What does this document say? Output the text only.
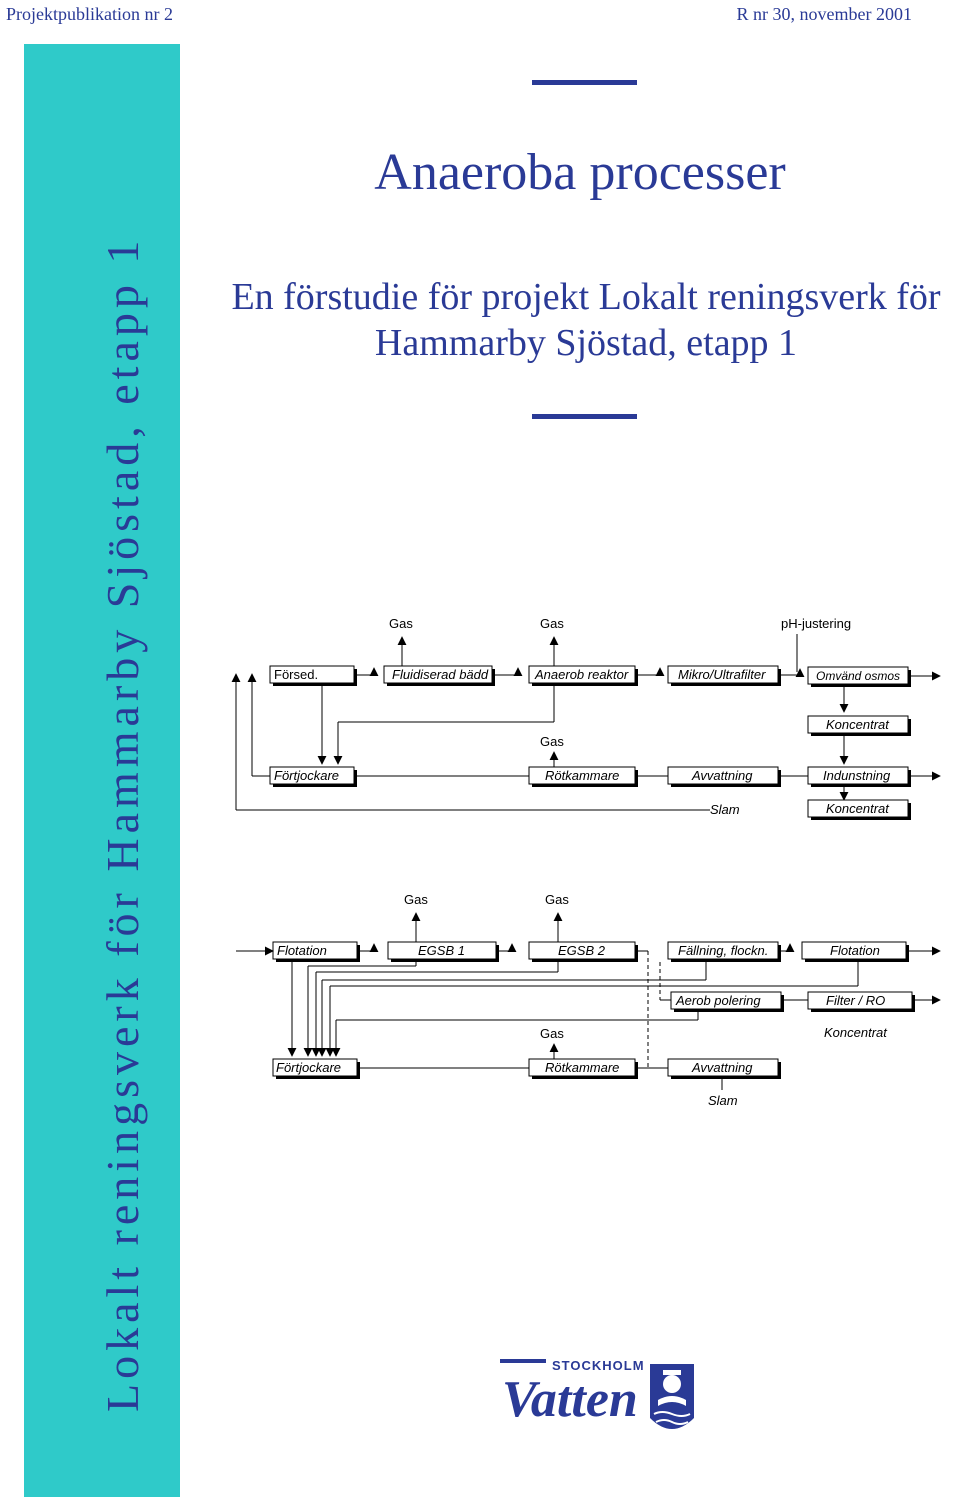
Projektpublikation nr 2	R nr 30, november 2001
Lokalt reningsverk för Hammarby Sjöstad, etapp 1
Anaeroba processer
En förstudie för projekt Lokalt reningsverk för
Hammarby Sjöstad, etapp 1
Gas	Gas	pH-justering
Försed.	Fluidiserad bädd	Anaerob reaktor	Mikro/Ultrafilter	Omvänd osmos
Koncentrat
Gas
Förtjockare	Rötkammare	Avvattning	Indunstning
Slam	Koncentrat
Gas	Gas
Flotation	EGSB 1	EGSB 2	Fällning, flockn.	Flotation
Aerob polering	Filter / RO
Koncentrat
Gas
Förtjockare	Rötkammare	Avvattning
Slam
STOCKHOLM
Vatten
